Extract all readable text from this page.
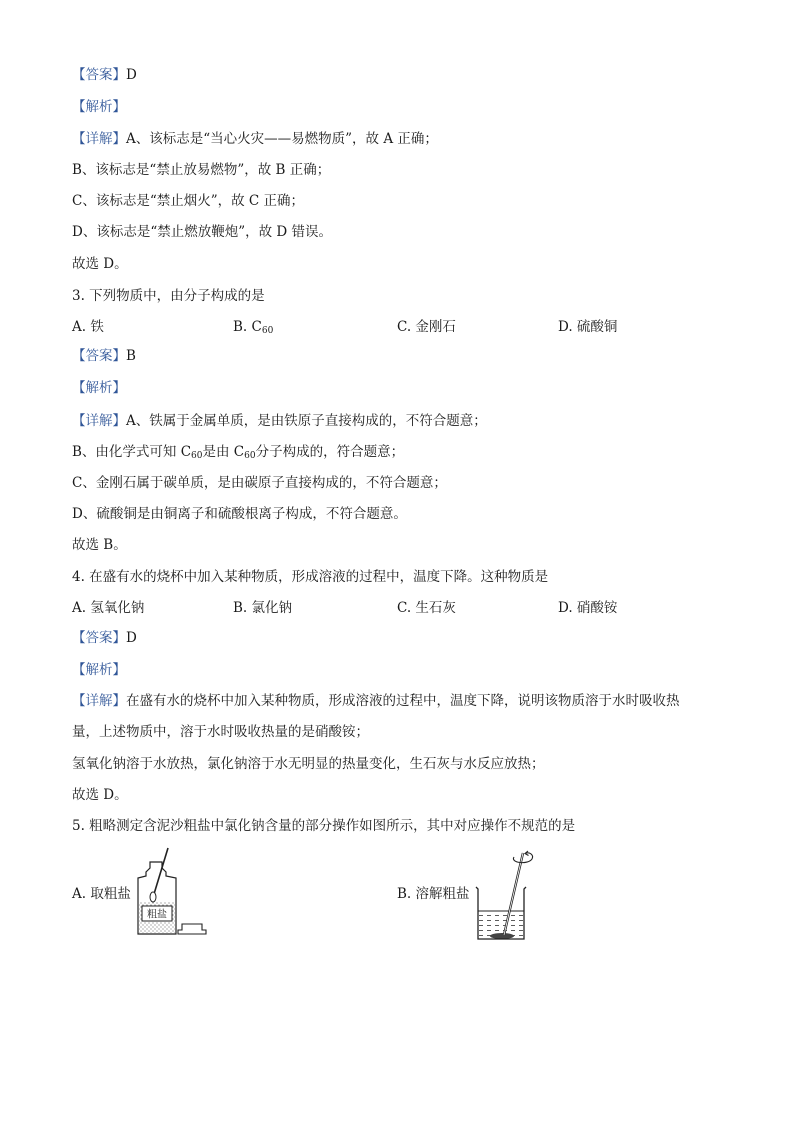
【答案】D
【解析】
【详解】A、该标志是“当心火灾——易燃物质”，故 A 正确；
B、该标志是“禁止放易燃物”，故 B 正确；
C、该标志是“禁止烟火”，故 C 正确；
D、该标志是“禁止燃放鞭炮”，故 D 错误。
故选 D。
3. 下列物质中，由分子构成的是
A. 铁	B. $C_{60}$	C. 金刚石	D. 硫酸铜
【答案】B
【解析】
【详解】A、铁属于金属单质，是由铁原子直接构成的，不符合题意；
B、由化学式可知 $C_{60}$是由 $C_{60}$分子构成的，符合题意；
C、金刚石属于碳单质，是由碳原子直接构成的，不符合题意；
D、硫酸铜是由铜离子和硫酸根离子构成，不符合题意。
故选 B。
4. 在盛有水的烧杯中加入某种物质，形成溶液的过程中，温度下降。这种物质是
A. 氢氧化钠	B. 氯化钠	C. 生石灰	D. 硝酸铵
【答案】D
【解析】
【详解】在盛有水的烧杯中加入某种物质，形成溶液的过程中，温度下降，说明该物质溶于水时吸收热
量，上述物质中，溶于水时吸收热量的是硝酸铵；
氢氧化钠溶于水放热，氯化钠溶于水无明显的热量变化，生石灰与水反应放热；
故选 D。
5. 粗略测定含泥沙粗盐中氯化钠含量的部分操作如图所示，其中对应操作不规范的是
A. 取粗盐	B. 溶解粗盐
粗盐
